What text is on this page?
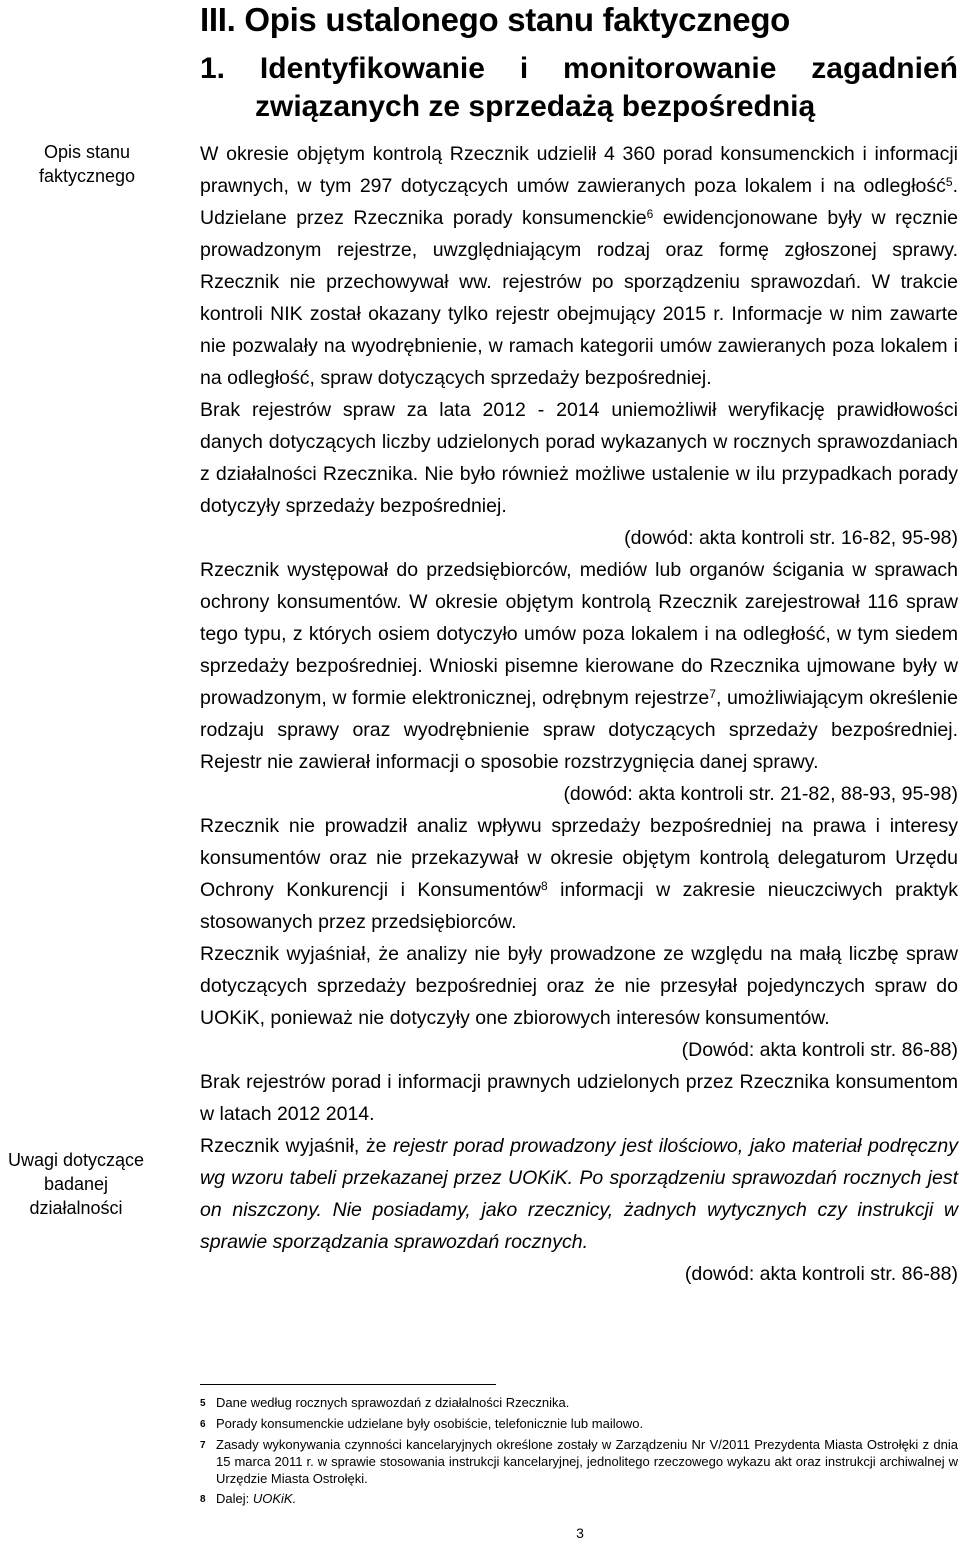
Opis stanu
faktycznego
Uwagi dotyczące
badanej działalności
III. Opis ustalonego stanu faktycznego
1. Identyfikowanie i monitorowanie zagadnień
związanych ze sprzedażą bezpośrednią

W okresie objętym kontrolą Rzecznik udzielił 4 360 porad konsumenckich i informacji prawnych, w tym 297 dotyczących umów zawieranych poza lokalem i na odległość$^5$. Udzielane przez Rzecznika porady konsumenckie$^6$ ewidencjonowane były w ręcznie prowadzonym rejestrze, uwzględniającym rodzaj oraz formę zgłoszonej sprawy. Rzecznik nie przechowywał ww. rejestrów po sporządzeniu sprawozdań. W trakcie kontroli NIK został okazany tylko rejestr obejmujący 2015 r. Informacje w nim zawarte nie pozwalały na wyodrębnienie, w ramach kategorii umów zawieranych poza lokalem i na odległość, spraw dotyczących sprzedaży bezpośredniej.

Brak rejestrów spraw za lata 2012 - 2014 uniemożliwił weryfikację prawidłowości danych dotyczących liczby udzielonych porad wykazanych w rocznych sprawozdaniach z działalności Rzecznika. Nie było również możliwe ustalenie w ilu przypadkach porady dotyczyły sprzedaży bezpośredniej.

(dowód: akta kontroli str. 16-82, 95-98)

Rzecznik występował do przedsiębiorców, mediów lub organów ścigania w sprawach ochrony konsumentów. W okresie objętym kontrolą Rzecznik zarejestrował 116 spraw tego typu, z których osiem dotyczyło umów poza lokalem i na odległość, w tym siedem sprzedaży bezpośredniej. Wnioski pisemne kierowane do Rzecznika ujmowane były w prowadzonym, w formie elektronicznej, odrębnym rejestrze$^7$, umożliwiającym określenie rodzaju sprawy oraz wyodrębnienie spraw dotyczących sprzedaży bezpośredniej. Rejestr nie zawierał informacji o sposobie rozstrzygnięcia danej sprawy.

(dowód: akta kontroli str. 21-82, 88-93, 95-98)

Rzecznik nie prowadził analiz wpływu sprzedaży bezpośredniej na prawa i interesy konsumentów oraz nie przekazywał w okresie objętym kontrolą delegaturom Urzędu Ochrony Konkurencji i Konsumentów$^8$ informacji w zakresie nieuczciwych praktyk stosowanych przez przedsiębiorców.

Rzecznik wyjaśniał, że analizy nie były prowadzone ze względu na małą liczbę spraw dotyczących sprzedaży bezpośredniej oraz że nie przesyłał pojedynczych spraw do UOKiK, ponieważ nie dotyczyły one zbiorowych interesów konsumentów.

(Dowód: akta kontroli str. 86-88)

Brak rejestrów porad i informacji prawnych udzielonych przez Rzecznika konsumentom w latach 2012 2014.

Rzecznik wyjaśnił, że rejestr porad prowadzony jest ilościowo, jako materiał podręczny wg wzoru tabeli przekazanej przez UOKiK. Po sporządzeniu sprawozdań rocznych jest on niszczony. Nie posiadamy, jako rzecznicy, żadnych wytycznych czy instrukcji w sprawie sporządzania sprawozdań rocznych.

(dowód: akta kontroli str. 86-88)

5 Dane według rocznych sprawozdań z działalności Rzecznika.
6 Porady konsumenckie udzielane były osobiście, telefonicznie lub mailowo.
7 Zasady wykonywania czynności kancelaryjnych określone zostały w Zarządzeniu Nr V/2011 Prezydenta Miasta Ostrołęki z dnia 15 marca 2011 r. w sprawie stosowania instrukcji kancelaryjnej, jednolitego rzeczowego wykazu akt oraz instrukcji archiwalnej w Urzędzie Miasta Ostrołęki.
8 Dalej: UOKiK.
3
